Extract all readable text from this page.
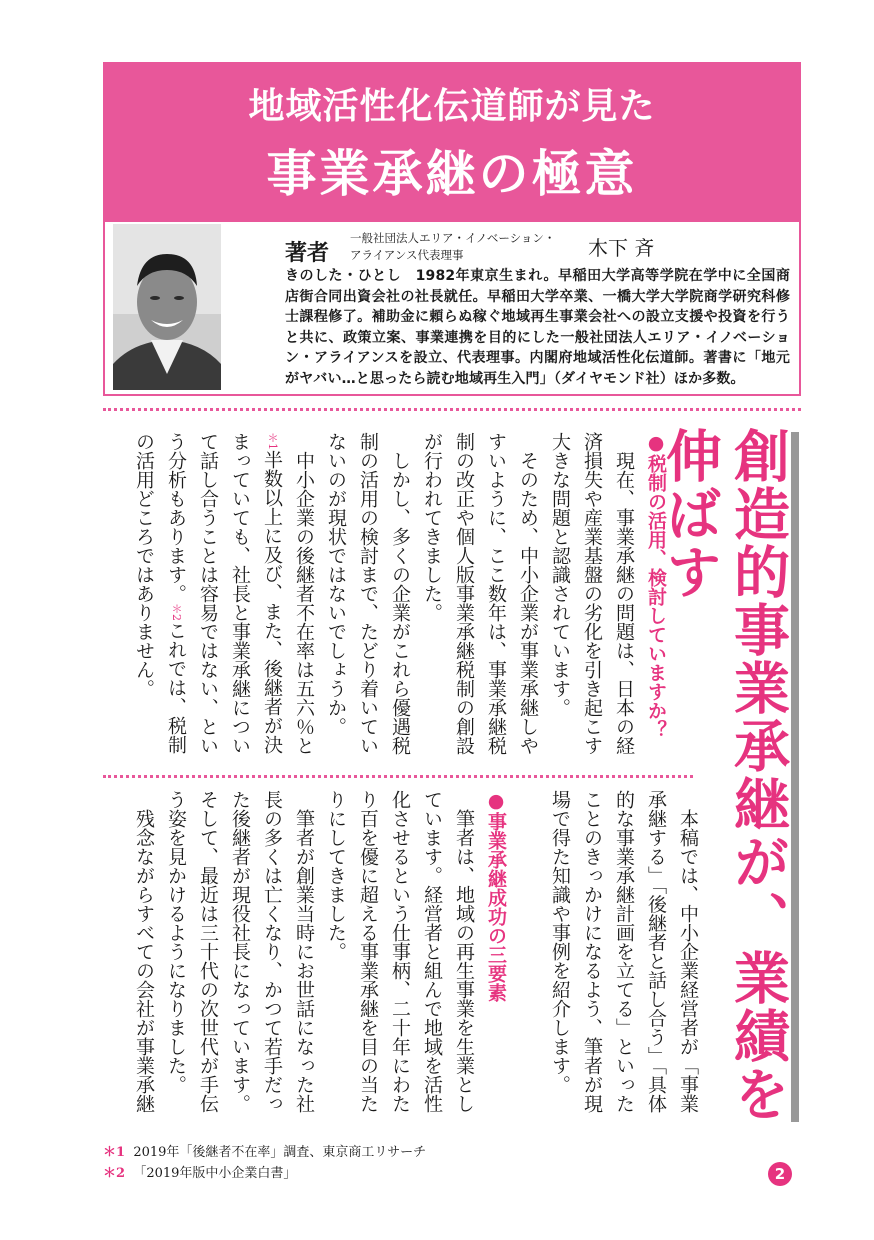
地域活性化伝道師が見た
事業承継の極意
著者
一般社団法人エリア・イノベーション・
アライアンス代表理事	木下 斉
きのした・ひとし　1982年東京生まれ。早稲田大学高等学院在学中に全国商店街合同出資会社の社長就任。早稲田大学卒業、一橋大学大学院商学研究科修士課程修了。補助金に頼らぬ稼ぐ地域再生事業会社への設立支援や投資を行うと共に、政策立案、事業連携を目的にした一般社団法人エリア・イノベーション・アライアンスを設立、代表理事。内閣府地域活性化伝道師。著書に「地元がヤバい…と思ったら読む地域再生入門」（ダイヤモンド社）ほか多数。
創造的事業承継が、業績を伸ばす

●税制の活用、検討していますか？

現在、事業承継の問題は、日本の経済損失や産業基盤の劣化を引き起こす大きな問題と認識されています。

そのため、中小企業が事業承継しやすいように、ここ数年は、事業承継税制の改正や個人版事業承継税制の創設が行われてきました。

しかし、多くの企業がこれら優遇税制の活用の検討まで、たどり着いていないのが現状ではないでしょうか。

中小企業の後継者不在率は五六％と＊1半数以上に及び、また、後継者が決まっていても、社長と事業承継について話し合うことは容易ではない、という分析もあります。＊2これでは、税制の活用どころではありません。

本稿では、中小企業経営者が「事業承継する」「後継者と話し合う」「具体的な事業承継計画を立てる」といったことのきっかけになるよう、筆者が現場で得た知識や事例を紹介します。

●事業承継成功の三要素

筆者は、地域の再生事業を生業としています。経営者と組んで地域を活性化させるという仕事柄、二十年にわたり百を優に超える事業承継を目の当たりにしてきました。

筆者が創業当時にお世話になった社長の多くは亡くなり、かつて若手だった後継者が現役社長になっています。そして、最近は三十代の次世代が手伝う姿を見かけるようになりました。

残念ながらすべての会社が事業承継

＊1 2019年「後継者不在率」調査、東京商工リサーチ
＊2 「2019年版中小企業白書」	2
